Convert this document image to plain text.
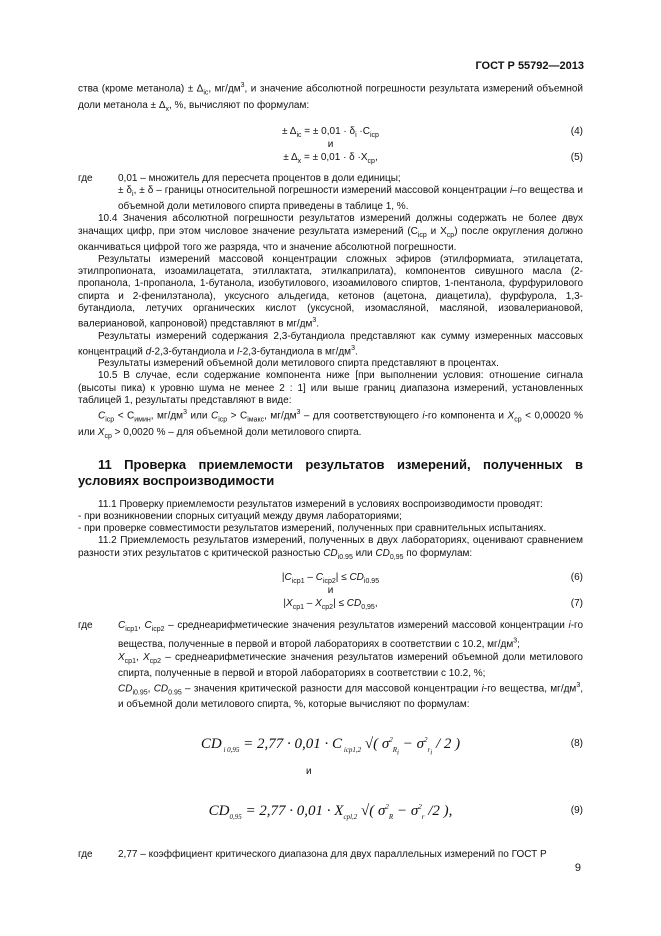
ГОСТ Р 55792—2013

ства (кроме метанола) ± $\Delta_{ic}$, $мг/дм^3$, и значение абсолютной погрешности результата измерений объемной доли метанола ± $\Delta_x$, %, вычисляют по формулам:

± $\Delta_{ic}$ = ± $0,01 \cdot \delta_i \cdot C_{icp}$	(4)
и
± $\Delta_x$ = ± $0,01 \cdot \delta \cdot X_{cp}$,	(5)
где	0,01 – множитель для пересчета процентов в доли единицы;

± $\delta_i$, ± δ – границы относительной погрешности измерений массовой концентрации i–го вещества и объемной доли метилового спирта приведены в таблице 1, %.

10.4 Значения абсолютной погрешности результатов измерений должны содержать не более двух значащих цифр, при этом числовое значение результата измерений ($C_{icp}$ и $X_{cp}$) после округления должно оканчиваться цифрой того же разряда, что и значение абсолютной погрешности.

Результаты измерений массовой концентрации сложных эфиров (этилформиата, этилацетата, этилпропионата, изоамилацетата, этиллактата, этилкаприлата), компонентов сивушного масла (2-пропанола, 1-пропанола, 1-бутанола, изобутилового, изоамилового спиртов, 1-пентанола, фурфурилового спирта и 2-фенилэтанола), уксусного альдегида, кетонов (ацетона, диацетила), фурфурола, 1,3-бутандиола, летучих органических кислот (уксусной, изомасляной, масляной, изовалериановой, валериановой, капроновой) представляют в $мг/дм^3$.

Результаты измерений содержания 2,3-бутандиола представляют как сумму измеренных массовых концентраций d-2,3-бутандиола и l-2,3-бутандиола в $мг/дм^3$.

Результаты измерений объемной доли метилового спирта представляют в процентах.

10.5 В случае, если содержание компонента ниже [при выполнении условия: отношение сигнала (высоты пика) к уровню шума не менее 2 : 1] или выше границ диапазона измерений, установленных таблицей 1, результаты представляют в виде:

$C_{icp} < C_{имин}$, $мг/дм^3$ или $C_{icp} > C_{iмакс}$, $мг/дм^3$ – для соответствующего i-го компонента и $X_{cp} < 0,00020$ % или $X_{cp} > 0,0020$ % – для объемной доли метилового спирта.

11 Проверка приемлемости результатов измерений, полученных в условиях воспроизводимости

11.1 Проверку приемлемости результатов измерений в условиях воспроизводимости проводят:

- при возникновении спорных ситуаций между двумя лабораториями;

- при проверке совместимости результатов измерений, полученных при сравнительных испытаниях.

11.2 Приемлемость результатов измерений, полученных в двух лабораториях, оценивают сравнением разности этих результатов с критической разностью $CD_{i0.95}$ или $CD_{0,95}$ по формулам:

$|C_{icp1} - C_{icp2}| \le CD_{i0.95}$	(6)
и
$|X_{cp1} - X_{cp2}| \le CD_{0,95}$,	(7)
где	$C_{icp1}$, $C_{icp2}$ – среднеарифметические значения результатов измерений массовой концентрации i-го вещества, полученные в первой и второй лабораториях в соответствии с 10.2, $мг/дм^3$;

$X_{cp1}$, $X_{cp2}$ – среднеарифметические значения результатов измерений объемной доли метилового спирта, полученные в первой и второй лабораториях в соответствии с 10.2, %;

$CD_{i0.95}$, $CD_{0.95}$ – значения критической разности для массовой концентрации i-го вещества, $мг/дм^3$, и объемной доли метилового спирта, %, которые вычисляют по формулам:

CD $_{i 0,95}$ = 2,77 · 0,01 · C $_{icp1,2}$ √( $\sigma^2_{R_i} - \sigma^2_{r_i} / 2$ )	(8)
и
$CD_{0,95} = 2,77 \cdot 0,01 \cdot X_{cpl,2}$ √( $\sigma^2_R - \sigma^2_r$ /2 ),	(9)
где	2,77 – коэффициент критического диапазона для двух параллельных измерений по ГОСТ Р
9
